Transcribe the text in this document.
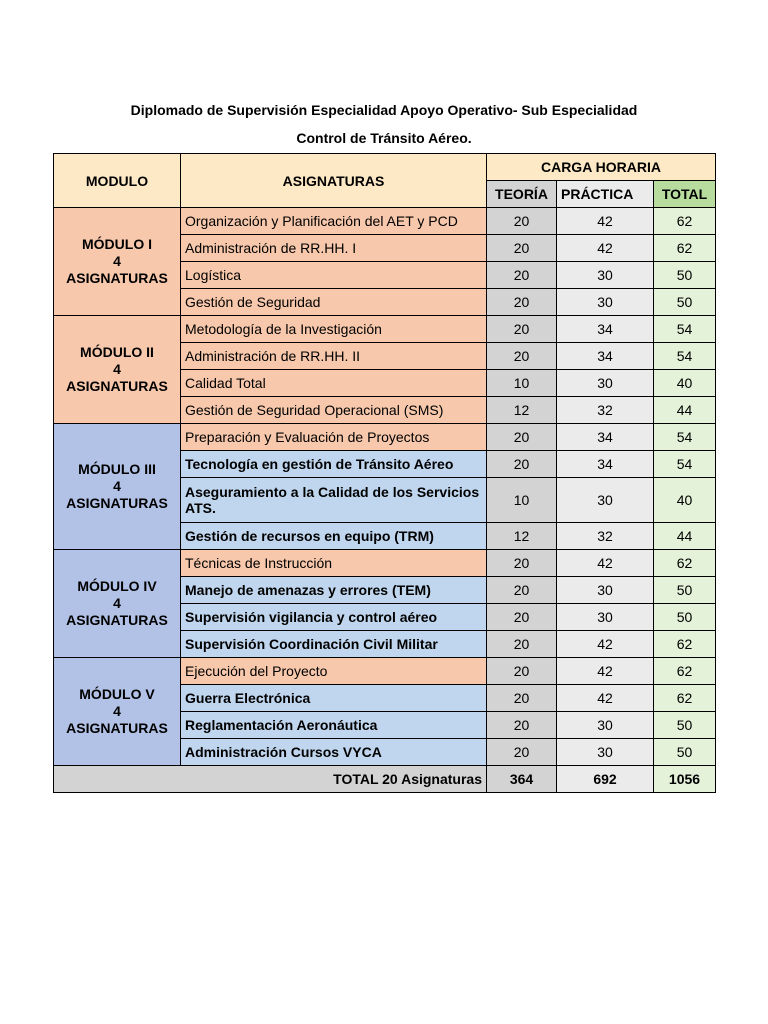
Diplomado de Supervisión Especialidad Apoyo Operativo- Sub Especialidad
Control de Tránsito Aéreo.
MODULO	ASIGNATURAS	CARGA HORARIA		
		TEORÍA	PRÁCTICA	TOTAL

MÓDULO I
4
ASIGNATURAS	Organización y Planificación del AET y PCD	20	42	62
	Administración de RR.HH. I	20	42	62
	Logística	20	30	50
	Gestión de Seguridad	20	30	50

MÓDULO II
4
ASIGNATURAS	Metodología de la Investigación	20	34	54
	Administración de RR.HH. II	20	34	54
	Calidad Total	10	30	40
	Gestión de Seguridad Operacional (SMS)	12	32	44

MÓDULO III
4
ASIGNATURAS	Preparación y Evaluación de Proyectos	20	34	54
	Tecnología en gestión de Tránsito Aéreo	20	34	54
	Aseguramiento a la Calidad de los Servicios ATS.	10	30	40
	Gestión de recursos en equipo (TRM)	12	32	44

MÓDULO IV
4
ASIGNATURAS	Técnicas de Instrucción	20	42	62
	Manejo de amenazas y errores (TEM)	20	30	50
	Supervisión vigilancia y control aéreo	20	30	50
	Supervisión Coordinación Civil Militar	20	42	62

MÓDULO V
4
ASIGNATURAS	Ejecución del Proyecto	20	42	62
	Guerra Electrónica	20	42	62
	Reglamentación Aeronáutica	20	30	50
	Administración Cursos VYCA	20	30	50
TOTAL 20 Asignaturas		364	692	1056
